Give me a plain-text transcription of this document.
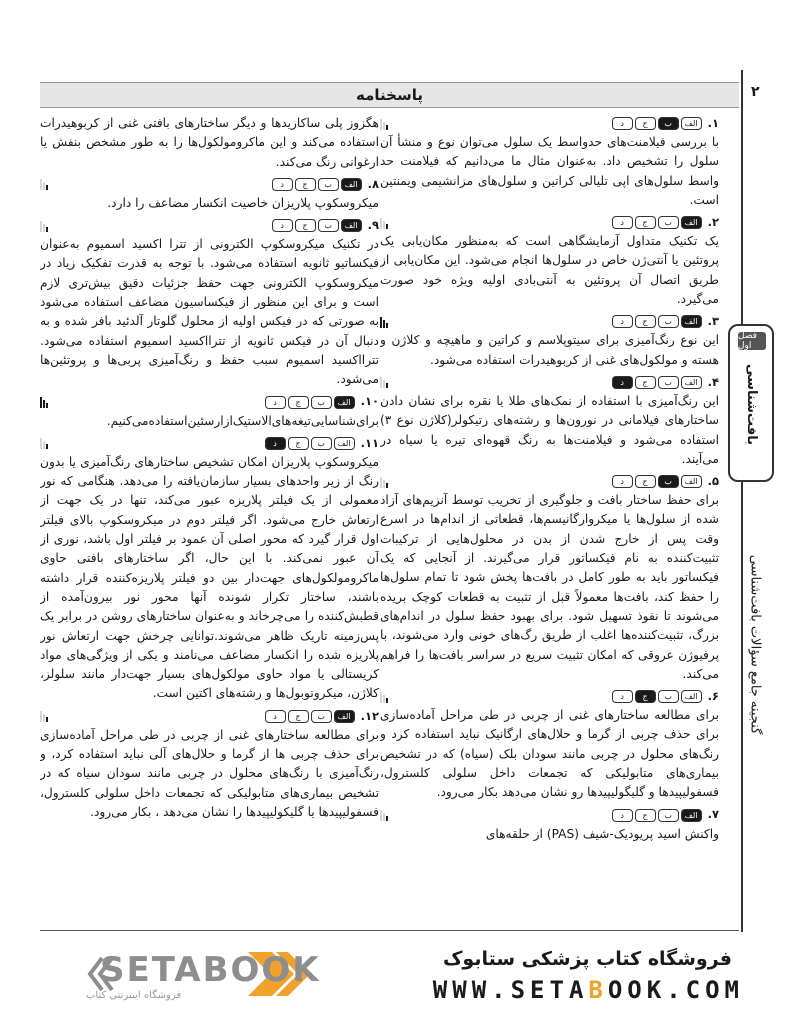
۲
فصل اول
بافت‌شناسی
گنجینه جامع سؤالات بافت‌شناسی
پاسخنامه
۱.
الف
ب
ج
د

با بررسی فیلامنت‌های حدواسط یک سلول می‌توان نوع و منشأ آن سلول را تشخیص داد. به‌عنوان مثال ما می‌دانیم که فیلامنت حد واسط سلول‌های اپی تلیالی کراتین و سلول‌های مزانشیمی ویمنتین است.

۲.
الف
ب
ج
د

یک تکنیک متداول آزمایشگاهی است که به‌منظور مکان‌یابی یک پروتئین یا آنتی‌ژن خاص در سلول‌ها انجام می‌شود. این مکان‌یابی از طریق اتصال آن پروتئین به آنتی‌بادی اولیه ویژه خود صورت می‌گیرد.

۳.
الف
ب
ج
د

این نوع رنگ‌آمیزی برای سیتوپلاسم و کراتین و ماهیچه و کلاژن و هسته و مولکول‌های غنی از کربوهیدرات استفاده می‌شود.

۴.
الف
ب
ج
د

این رنگ‌آمیزی با استفاده از نمک‌های طلا یا نقره برای نشان دادن ساختارهای فیلامانی در نورون‌ها و رشته‌های رتیکولر(کلاژن نوع ۳) استفاده می‌شود و فیلامنت‌ها به رنگ قهوه‌ای تیره یا سیاه در می‌آیند.

۵.
الف
ب
ج
د

برای حفظ ساختار بافت و جلوگیری از تخریب توسط آنزیم‌های آزاد شده از سلول‌ها یا میکروارگانیسم‌ها، قطعاتی از اندام‌ها در اسرع وقت پس از خارج شدن از بدن در محلول‌هایی از ترکیبات تثبیت‌کننده به نام فیکساتور قرار می‌گیرند. از آنجایی که یک فیکساتور باید به طور کامل در بافت‌ها پخش شود تا تمام سلول‌ها را حفظ کند، بافت‌ها معمولاً قبل از تثبیت به قطعات کوچک بریده می‌شوند تا نفوذ تسهیل شود. برای بهبود حفظ سلول در اندام‌های بزرگ، تثبیت‌کننده‌ها اغلب از طریق رگ‌های خونی وارد می‌شوند، با پرفیوژن عروقی که امکان تثبیت سریع در سراسر بافت‌ها را فراهم می‌کند.

۶.
الف
ب
ج
د

برای مطالعه ساختارهای غنی از چربی در طی مراحل آماده‌سازی برای حذف چربی از گرما و حلال‌های ارگانیک نباید استفاده کرد و رنگ‌های محلول در چربی مانند سودان بلک (سیاه) که در تشخیص بیماری‌های متابولیکی که تجمعات داخل سلولی کلسترول، فسفولیپیدها و گلیگولیپیدها رو نشان می‌دهد بکار می‌رود.

۷.
الف
ب
ج
د

واکنش اسید پریودیک-شیف (PAS) از حلقه‌های

هگزوز پلی ساکاریدها و دیگر ساختارهای بافتی غنی از کربوهیدرات استفاده می‌کند و این ماکرومولکول‌ها را به طور مشخص بنفش یا ارغوانی رنگ می‌کند.

۸.
الف
ب
ج
د

میکروسکوپ پلاریزان خاصیت انکسار مضاعف را دارد.

۹.
الف
ب
ج
د

در تکنیک میکروسکوپ الکترونی از تترا اکسید اسمیوم به‌عنوان فیکساتیو ثانویه استفاده می‌شود. با توجه به قدرت تفکیک زیاد در میکروسکوپ الکترونی جهت حفظ جزئیات دقیق بیش‌تری لازم است و برای این منظور از فیکساسیون مضاعف استفاده می‌شود به صورتی که در فیکس اولیه از محلول گلوتار آلدئید بافر شده و به دنبال آن در فیکس ثانویه از تترا‌اکسید اسمیوم استفاده می‌شود. تترا‌اکسید اسمیوم سبب حفظ و رنگ‌آمیزی پربی‌ها و پروتئین‌ها می‌شود.

۱۰.
الف
ب
ج
د

برای‌شناسایی‌تیغه‌های‌الاستیک‌از‌ارسئین‌استفاده‌می‌کنیم.

۱۱.
الف
ب
ج
د

میکروسکوپ پلاریزان امکان تشخیص ساختارهای رنگ‌آمیزی یا بدون رنگ از زیر واحدهای بسیار سازمان‌یافته را می‌دهد. هنگامی که نور معمولی از یک فیلتر پلاریزه عبور می‌کند، تنها در یک جهت از ارتعاش خارج می‌شود. اگر فیلتر دوم در میکروسکوپ بالای فیلتر اول قرار گیرد که محور اصلی آن عمود بر فیلتر اول باشد، نوری از آن عبور نمی‌کند. با این حال، اگر ساختارهای بافتی حاوی ماکرومولکول‌های جهت‌دار بین دو فیلتر پلاریزه‌کننده قرار داشته باشند، ساختار تکرار شونده آنها محور نور بیرون‌آمده از قطبش‌کننده را می‌چرخاند و به‌عنوان ساختارهای روشن در برابر یک پس‌زمینه تاریک ظاهر می‌شوند.توانایی چرخش جهت ارتعاش نور پلاریزه شده را انکسار مضاعف می‌نامند و یکی از ویژگی‌های مواد کریستالی یا مواد حاوی مولکول‌های بسیار جهت‌دار مانند سلولز، کلاژن، میکروتوبول‌ها و رشته‌های اکتین است.

۱۲.
الف
ب
ج
د

برای مطالعه ساختارهای غنی از چربی در طی مراحل آماده‌سازی برای حذف چربی ها از گرما و حلال‌های آلی نباید استفاده کرد، و رنگ‌آمیزی با رنگ‌های محلول در چربی مانند سودان سیاه که در تشخیص بیماری‌های متابولیکی که تجمعات داخل سلولی کلسترول، فسفولیپیدها یا گلیکولیپیدها را نشان می‌دهد ، بکار می‌رود.

SETABOOK
فروشگاه اینترنتی کتاب
فروشگاه کتاب پزشکی ستابوک
WWW.SETABOOK.COM
